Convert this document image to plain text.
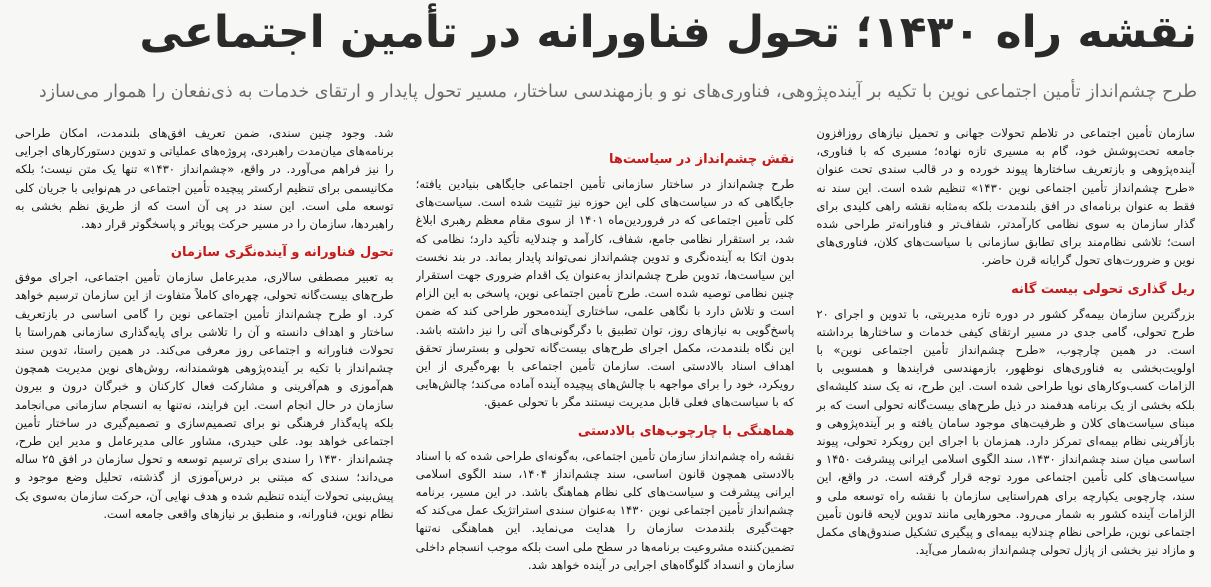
نقشه راه ۱۴۳۰؛ تحول فناورانه در تأمین اجتماعی
طرح چشم‌انداز تأمین اجتماعی نوین با تکیه بر آینده‌پژوهی، فناوری‌های نو و بازمهندسی ساختار، مسیر تحول پایدار و ارتقای خدمات به ذی‌نفعان را هموار می‌سازد

سازمان تأمین اجتماعی در تلاطم تحولات جهانی و تحمیل نیازهای روزافزون جامعه تحت‌پوشش خود، گام به مسیری تازه نهاده؛ مسیری که با فناوری، آینده‌پژوهی و بازتعریف ساختارها پیوند خورده و در قالب سندی تحت عنوان «طرح چشم‌انداز تأمین اجتماعی نوین ۱۴۳۰» تنظیم شده است. این سند نه فقط به عنوان برنامه‌ای در افق بلندمدت بلکه به‌مثابه نقشه راهی کلیدی برای گذار سازمان به سوی نظامی کارآمدتر، شفاف‌تر و فناورانه‌تر طراحی شده است؛ تلاشی نظام‌مند برای تطابق سازمانی با سیاست‌های کلان، فناوری‌های نوین و ضرورت‌های تحول گرایانه قرن حاضر.

ریل گذاری تحولی بیست گانه

بزرگترین سازمان بیمه‌گر کشور در دوره تازه مدیریتی، با تدوین و اجرای ۲۰ طرح تحولی، گامی جدی در مسیر ارتقای کیفی خدمات و ساختارها برداشته است. در همین چارچوب، «طرح چشم‌انداز تأمین اجتماعی نوین» با اولویت‌بخشی به فناوری‌های نوظهور، بازمهندسی فرایندها و همسویی با الزامات کسب‌وکارهای نوپا طراحی شده است. این طرح، نه یک سند کلیشه‌ای بلکه بخشی از یک برنامه هدفمند در ذیل طرح‌های بیست‌گانه تحولی است که بر مبنای سیاست‌های کلان و ظرفیت‌های موجود سامان یافته و بر آینده‌پژوهی و بازآفرینی نظام بیمه‌ای تمرکز دارد. همزمان با اجرای این رویکرد تحولی، پیوند اساسی میان سند چشم‌انداز ۱۴۳۰، سند الگوی اسلامی ایرانی پیشرفت ۱۴۵۰ و سیاست‌های کلی تأمین اجتماعی مورد توجه قرار گرفته است. در واقع، این سند، چارچوبی یکپارچه برای هم‌راستایی سازمان با نقشه راه توسعه ملی و الزامات آینده کشور به شمار می‌رود. محورهایی مانند تدوین لایحه قانون تأمین اجتماعی نوین، طراحی نظام چندلایه بیمه‌ای و پیگیری تشکیل صندوق‌های مکمل و مازاد نیز بخشی از پازل تحولی چشم‌انداز به‌شمار می‌آید.

نقش چشم‌انداز در سیاست‌ها

طرح چشم‌انداز در ساختار سازمانی تأمین اجتماعی جایگاهی بنیادین یافته؛ جایگاهی که در سیاست‌های کلی این حوزه نیز تثبیت شده است. سیاست‌های کلی تأمین اجتماعی که در فروردین‌ماه ۱۴۰۱ از سوی مقام معظم رهبری ابلاغ شد، بر استقرار نظامی جامع، شفاف، کارآمد و چندلایه تأکید دارد؛ نظامی که بدون اتکا به آینده‌نگری و تدوین چشم‌انداز نمی‌تواند پایدار بماند. در بند نخست این سیاست‌ها، تدوین طرح چشم‌انداز به‌عنوان یک اقدام ضروری جهت استقرار چنین نظامی توصیه شده است. طرح تأمین اجتماعی نوین، پاسخی به این الزام است و تلاش دارد با نگاهی علمی، ساختاری آینده‌محور طراحی کند که ضمن پاسخ‌گویی به نیازهای روز، توان تطبیق با دگرگونی‌های آتی را نیز داشته باشد. این نگاه بلندمدت، مکمل اجرای طرح‌های بیست‌گانه تحولی و بسترساز تحقق اهداف اسناد بالادستی است. سازمان تأمین اجتماعی با بهره‌گیری از این رویکرد، خود را برای مواجهه با چالش‌های پیچیده آینده آماده می‌کند؛ چالش‌هایی که با سیاست‌های فعلی قابل مدیریت نیستند مگر با تحولی عمیق.

هماهنگی با چارچوب‌های بالادستی

نقشه راه چشم‌انداز سازمان تأمین اجتماعی، به‌گونه‌ای طراحی شده که با اسناد بالادستی همچون قانون اساسی، سند چشم‌انداز ۱۴۰۴، سند الگوی اسلامی ایرانی پیشرفت و سیاست‌های کلی نظام هماهنگ باشد. در این مسیر، برنامه چشم‌انداز تأمین اجتماعی نوین ۱۴۳۰ به‌عنوان سندی استراتژیک عمل می‌کند که جهت‌گیری بلندمدت سازمان را هدایت می‌نماید. این هماهنگی نه‌تنها تضمین‌کننده مشروعیت برنامه‌ها در سطح ملی است بلکه موجب انسجام داخلی سازمان و انسداد گلوگاه‌های اجرایی در آینده خواهد شد.

شد. وجود چنین سندی، ضمن تعریف افق‌های بلندمدت، امکان طراحی برنامه‌های میان‌مدت راهبردی، پروژه‌های عملیاتی و تدوین دستورکارهای اجرایی را نیز فراهم می‌آورد. در واقع، «چشم‌انداز ۱۴۳۰» تنها یک متن نیست؛ بلکه مکانیسمی برای تنظیم ارکستر پیچیده تأمین اجتماعی در هم‌نوایی با جریان کلی توسعه ملی است. این سند در پی آن است که از طریق نظم بخشی به راهبردها، سازمان را در مسیر حرکت پویاتر و پاسخگوتر قرار دهد.

تحول فناورانه و آینده‌نگری سازمان

به تعبیر مصطفی سالاری، مدیرعامل سازمان تأمین اجتماعی، اجرای موفق طرح‌های بیست‌گانه تحولی، چهره‌ای کاملاً متفاوت از این سازمان ترسیم خواهد کرد. او طرح چشم‌انداز تأمین اجتماعی نوین را گامی اساسی در بازتعریف ساختار و اهداف دانسته و آن را تلاشی برای پایه‌گذاری سازمانی هم‌راستا با تحولات فناورانه و اجتماعی روز معرفی می‌کند. در همین راستا، تدوین سند چشم‌انداز با تکیه بر آینده‌پژوهی هوشمندانه، روش‌های نوین مدیریت همچون هم‌آموزی و هم‌آفرینی و مشارکت فعال کارکنان و خبرگان درون و بیرون سازمان در حال انجام است. این فرایند، نه‌تنها به انسجام سازمانی می‌انجامد بلکه پایه‌گذار فرهنگی نو برای تصمیم‌سازی و تصمیم‌گیری در ساختار تأمین اجتماعی خواهد بود. علی حیدری، مشاور عالی مدیرعامل و مدیر این طرح، چشم‌انداز ۱۴۳۰ را سندی برای ترسیم توسعه و تحول سازمان در افق ۲۵ ساله می‌داند؛ سندی که مبتنی بر درس‌آموزی از گذشته، تحلیل وضع موجود و پیش‌بینی تحولات آینده تنظیم شده و هدف نهایی آن، حرکت سازمان به‌سوی یک نظام نوین، فناورانه، و منطبق بر نیازهای واقعی جامعه است.
